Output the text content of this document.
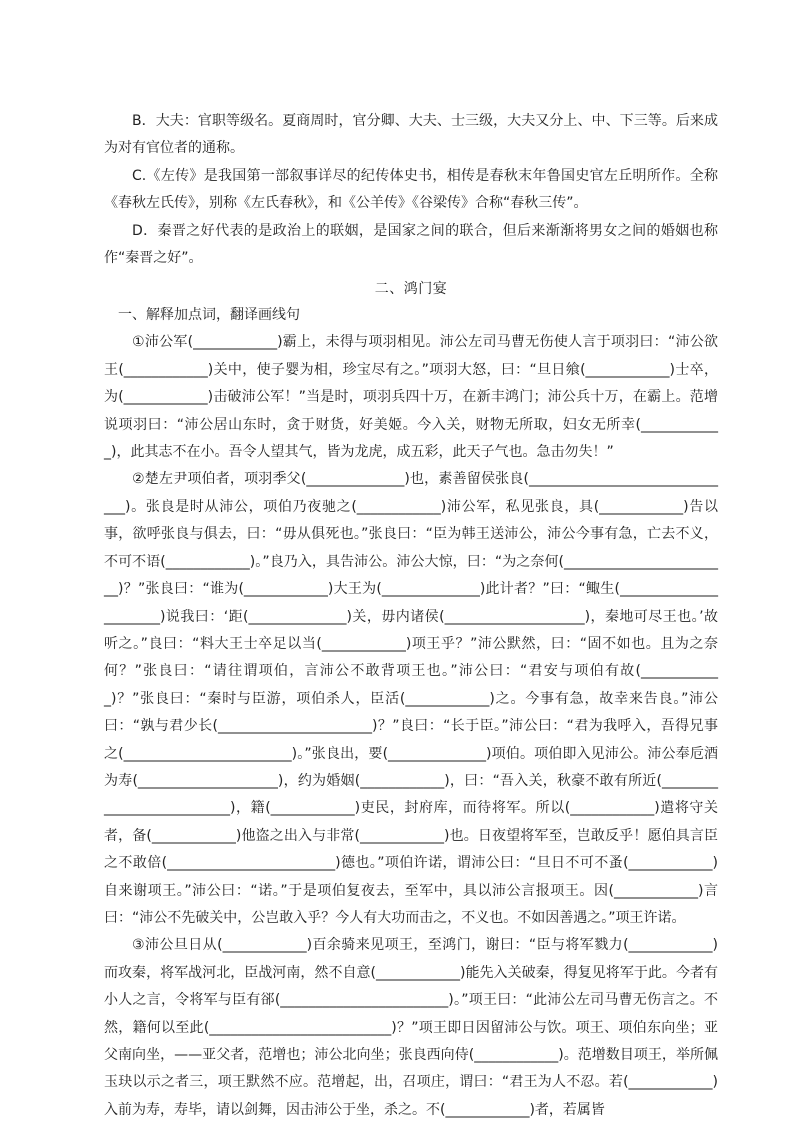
B．大夫：官职等级名。夏商周时，官分卿、大夫、士三级，大夫又分上、中、下三等。后来成为对有官位者的通称。

C.《左传》是我国第一部叙事详尽的纪传体史书，相传是春秋末年鲁国史官左丘明所作。全称《春秋左氏传》，别称《左氏春秋》，和《公羊传》《谷梁传》合称“春秋三传”。

D．秦晋之好代表的是政治上的联姻，是国家之间的联合，但后来渐渐将男女之间的婚姻也称作“秦晋之好”。

二、鸿门宴

一、解释加点词，翻译画线句

①沛公军(____________)霸上，未得与项羽相见。沛公左司马曹无伤使人言于项羽曰：“沛公欲王(____________)关中，使子婴为相，珍宝尽有之。”项羽大怒，曰：“旦日飨(____________)士卒，为(____________)击破沛公军！”当是时，项羽兵四十万，在新丰鸿门；沛公兵十万，在霸上。范增说项羽曰：“沛公居山东时，贪于财货，好美姬。今入关，财物无所取，妇女无所幸(____________)，此其志不在小。吾令人望其气，皆为龙虎，成五彩，此天子气也。急击勿失！”

②楚左尹项伯者，项羽季父(______________)也，素善留侯张良(______________________________)。张良是时从沛公，项伯乃夜驰之(____________)沛公军，私见张良，具(____________)告以事，欲呼张良与俱去，曰：“毋从俱死也。”张良曰：“臣为韩王送沛公，沛公今事有急，亡去不义，不可不语(____________)。”良乃入，具告沛公。沛公大惊，曰：“为之奈何(________________________)？”张良曰：“谁为(____________)大王为(______________)此计者？”曰：“鲰生(______________________)说我曰：‘距(______________)关，毋内诸侯(____________________)，秦地可尽王也。’故听之。”良曰：“料大王士卒足以当(____________)项王乎？”沛公默然，曰：“固不如也。且为之奈何？”张良曰：“请往谓项伯，言沛公不敢背项王也。”沛公曰：“君安与项伯有故(____________)？”张良曰：“秦时与臣游，项伯杀人，臣活(____________)之。今事有急，故幸来告良。”沛公曰：“孰与君少长(______________________)？”良曰：“长于臣。”沛公曰：“君为我呼入，吾得兄事之(________________________)。”张良出，要(______________)项伯。项伯即入见沛公。沛公奉卮酒为寿(____________________)，约为婚姻(____________)，曰：“吾入关，秋豪不敢有所近(__________________________)，籍(____________)吏民，封府库，而待将军。所以(____________)遣将守关者，备(____________)他盗之出入与非常(____________)也。日夜望将军至，岂敢反乎！愿伯具言臣之不敢倍(________________________)德也。”项伯许诺，谓沛公曰：“旦日不可不蚤(____________)自来谢项王。”沛公曰：“诺。”于是项伯复夜去，至军中，具以沛公言报项王。因(____________)言曰：“沛公不先破关中，公岂敢入乎？今人有大功而击之，不义也。不如因善遇之。”项王许诺。

③沛公旦日从(____________)百余骑来见项王，至鸿门，谢曰：“臣与将军戮力(____________)而攻秦，将军战河北，臣战河南，然不自意(____________)能先入关破秦，得复见将军于此。今者有小人之言，令将军与臣有郤(________________________)。”项王曰：“此沛公左司马曹无伤言之。不然，籍何以至此(__________________________)？”项王即日因留沛公与饮。项王、项伯东向坐；亚父南向坐，——亚父者，范增也；沛公北向坐；张良西向侍(____________)。范增数目项王，举所佩玉玦以示之者三，项王默然不应。范增起，出，召项庄，谓曰：“君王为人不忍。若(____________)入前为寿，寿毕，请以剑舞，因击沛公于坐，杀之。不(____________)者，若属皆
